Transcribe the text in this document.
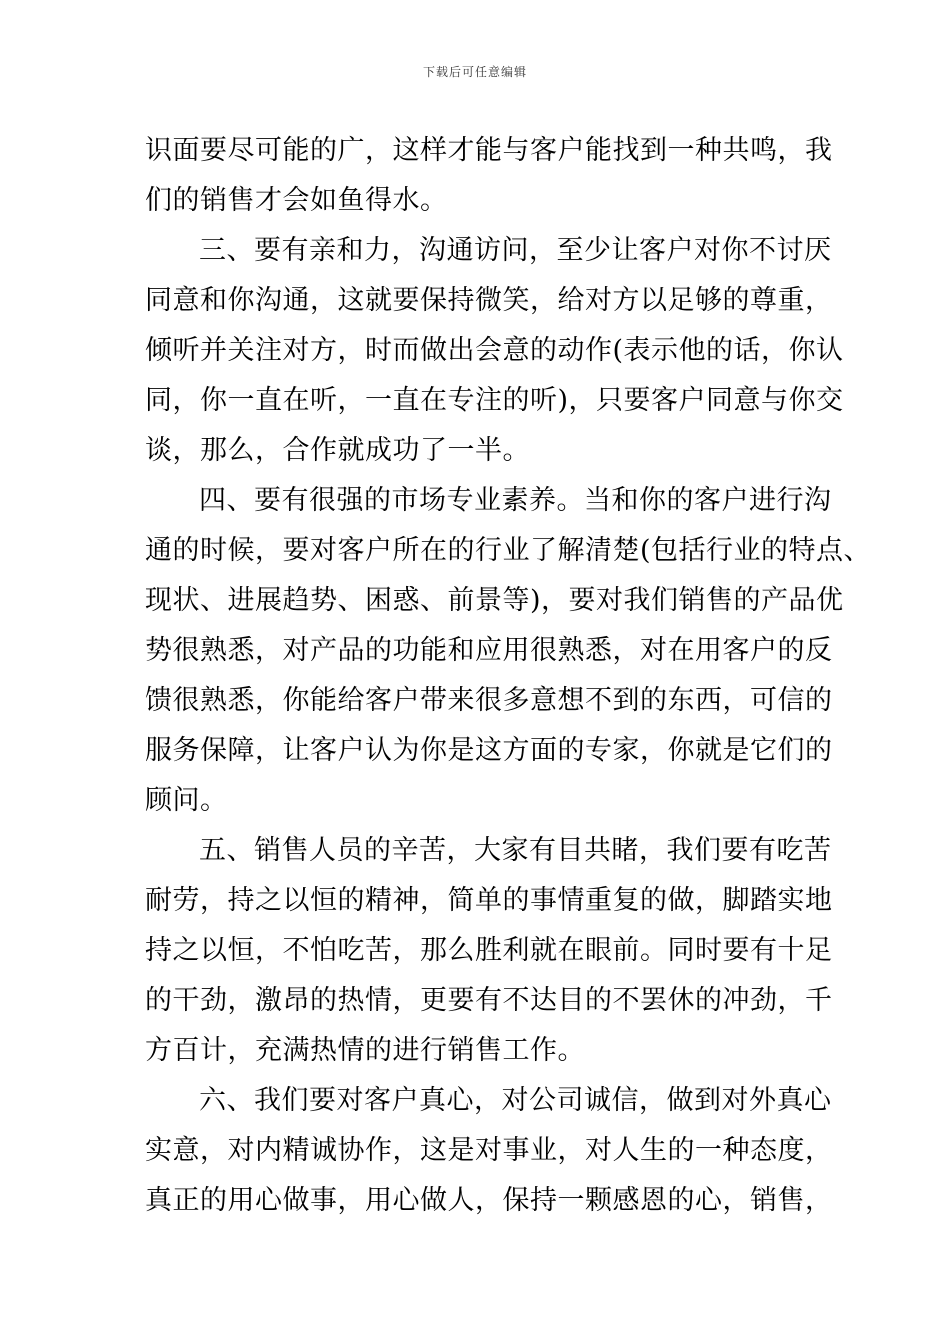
下载后可任意编辑
识面要尽可能的广，这样才能与客户能找到一种共鸣，我
们的销售才会如鱼得水。
三、要有亲和力，沟通访问，至少让客户对你不讨厌
同意和你沟通，这就要保持微笑，给对方以足够的尊重，
倾听并关注对方，时而做出会意的动作(表示他的话，你认
同，你一直在听，一直在专注的听)，只要客户同意与你交
谈，那么，合作就成功了一半。
四、要有很强的市场专业素养。当和你的客户进行沟
通的时候，要对客户所在的行业了解清楚(包括行业的特点、
现状、进展趋势、困惑、前景等)，要对我们销售的产品优
势很熟悉，对产品的功能和应用很熟悉，对在用客户的反
馈很熟悉，你能给客户带来很多意想不到的东西，可信的
服务保障，让客户认为你是这方面的专家，你就是它们的
顾问。
五、销售人员的辛苦，大家有目共睹，我们要有吃苦
耐劳，持之以恒的精神，简单的事情重复的做，脚踏实地
持之以恒，不怕吃苦，那么胜利就在眼前。同时要有十足
的干劲，激昂的热情，更要有不达目的不罢休的冲劲，千
方百计，充满热情的进行销售工作。
六、我们要对客户真心，对公司诚信，做到对外真心
实意，对内精诚协作，这是对事业，对人生的一种态度，
真正的用心做事，用心做人，保持一颗感恩的心，销售，
